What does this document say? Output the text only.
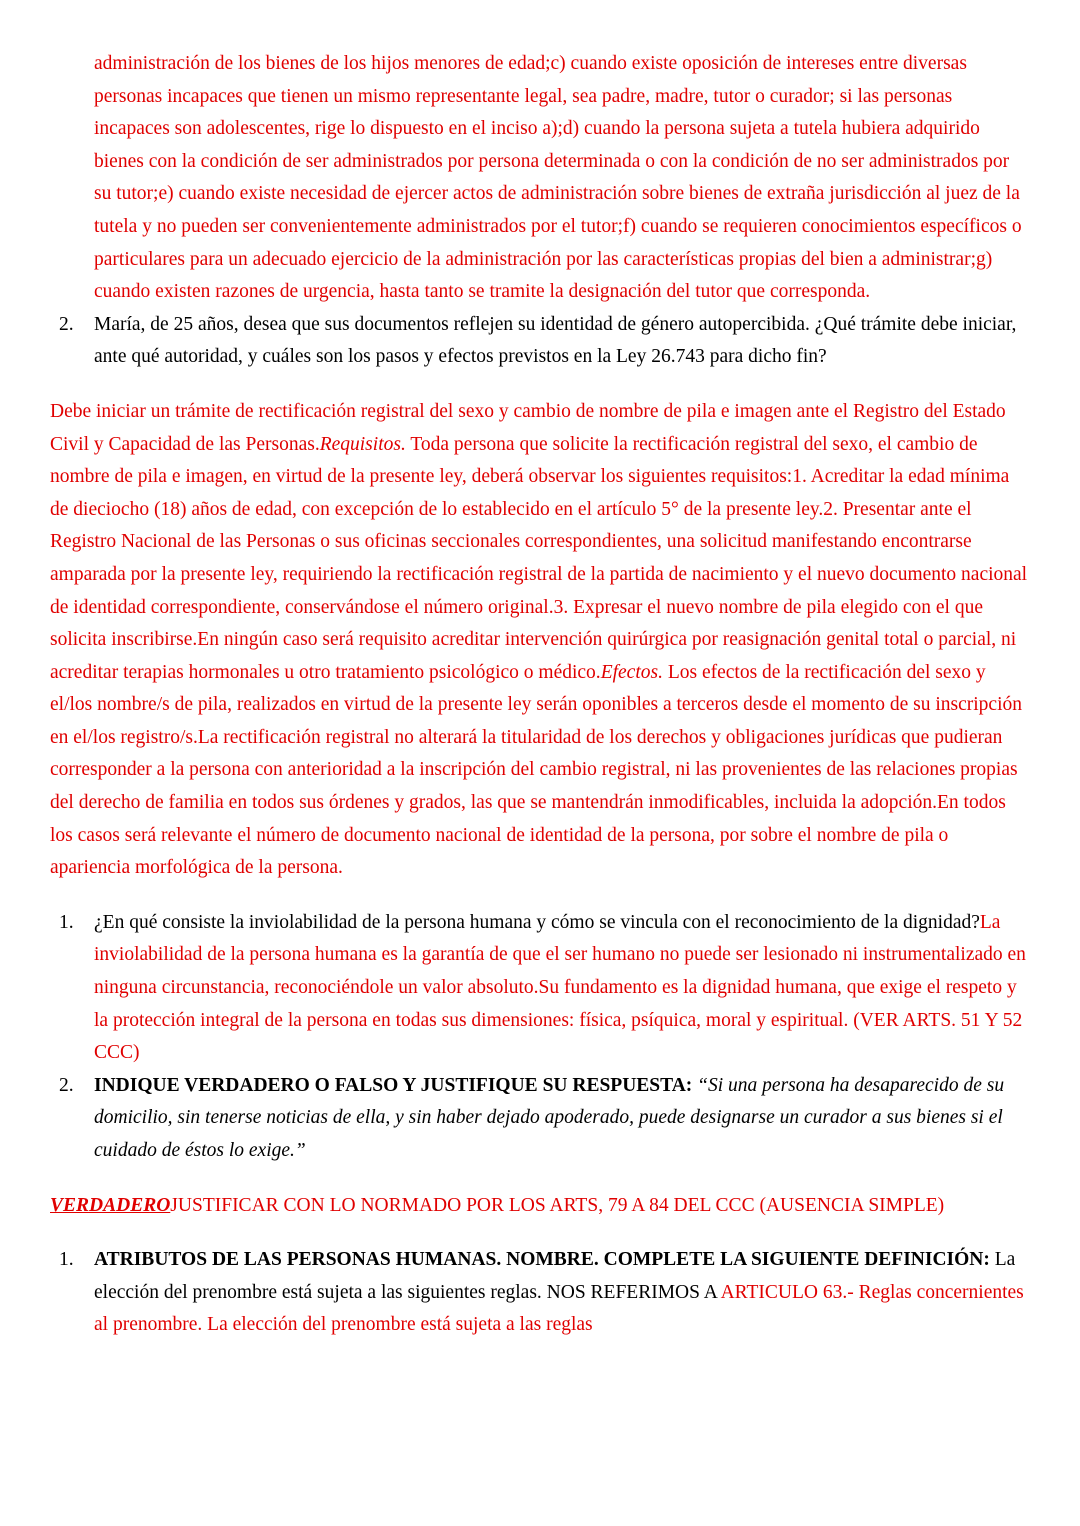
administración de los bienes de los hijos menores de edad;c) cuando existe oposición de intereses entre diversas personas incapaces que tienen un mismo representante legal, sea padre, madre, tutor o curador; si las personas incapaces son adolescentes, rige lo dispuesto en el inciso a);d) cuando la persona sujeta a tutela hubiera adquirido bienes con la condición de ser administrados por persona determinada o con la condición de no ser administrados por su tutor;e) cuando existe necesidad de ejercer actos de administración sobre bienes de extraña jurisdicción al juez de la tutela y no pueden ser convenientemente administrados por el tutor;f) cuando se requieren conocimientos específicos o particulares para un adecuado ejercicio de la administración por las características propias del bien a administrar;g) cuando existen razones de urgencia, hasta tanto se tramite la designación del tutor que corresponda.
2. María, de 25 años, desea que sus documentos reflejen su identidad de género autopercibida. ¿Qué trámite debe iniciar, ante qué autoridad, y cuáles son los pasos y efectos previstos en la Ley 26.743 para dicho fin?

Debe iniciar un trámite de rectificación registral del sexo y cambio de nombre de pila e imagen ante el Registro del Estado Civil y Capacidad de las Personas.Requisitos. Toda persona que solicite la rectificación registral del sexo, el cambio de nombre de pila e imagen, en virtud de la presente ley, deberá observar los siguientes requisitos:1. Acreditar la edad mínima de dieciocho (18) años de edad, con excepción de lo establecido en el artículo 5° de la presente ley.2. Presentar ante el Registro Nacional de las Personas o sus oficinas seccionales correspondientes, una solicitud manifestando encontrarse amparada por la presente ley, requiriendo la rectificación registral de la partida de nacimiento y el nuevo documento nacional de identidad correspondiente, conservándose el número original.3. Expresar el nuevo nombre de pila elegido con el que solicita inscribirse.En ningún caso será requisito acreditar intervención quirúrgica por reasignación genital total o parcial, ni acreditar terapias hormonales u otro tratamiento psicológico o médico.Efectos. Los efectos de la rectificación del sexo y el/los nombre/s de pila, realizados en virtud de la presente ley serán oponibles a terceros desde el momento de su inscripción en el/los registro/s.La rectificación registral no alterará la titularidad de los derechos y obligaciones jurídicas que pudieran corresponder a la persona con anterioridad a la inscripción del cambio registral, ni las provenientes de las relaciones propias del derecho de familia en todos sus órdenes y grados, las que se mantendrán inmodificables, incluida la adopción.En todos los casos será relevante el número de documento nacional de identidad de la persona, por sobre el nombre de pila o apariencia morfológica de la persona.

1. ¿En qué consiste la inviolabilidad de la persona humana y cómo se vincula con el reconocimiento de la dignidad?La inviolabilidad de la persona humana es la garantía de que el ser humano no puede ser lesionado ni instrumentalizado en ninguna circunstancia, reconociéndole un valor absoluto.Su fundamento es la dignidad humana, que exige el respeto y la protección integral de la persona en todas sus dimensiones: física, psíquica, moral y espiritual. (VER ARTS. 51 Y 52 CCC)
2. INDIQUE VERDADERO O FALSO Y JUSTIFIQUE SU RESPUESTA: “Si una persona ha desaparecido de su domicilio, sin tenerse noticias de ella, y sin haber dejado apoderado, puede designarse un curador a sus bienes si el cuidado de éstos lo exige.”

VERDADEROJUSTIFICAR CON LO NORMADO POR LOS ARTS, 79 A 84 DEL CCC (AUSENCIA SIMPLE)

1. ATRIBUTOS DE LAS PERSONAS HUMANAS. NOMBRE. COMPLETE LA SIGUIENTE DEFINICIÓN: La elección del prenombre está sujeta a las siguientes reglas. NOS REFERIMOS A ARTICULO 63.- Reglas concernientes al prenombre. La elección del prenombre está sujeta a las reglas
